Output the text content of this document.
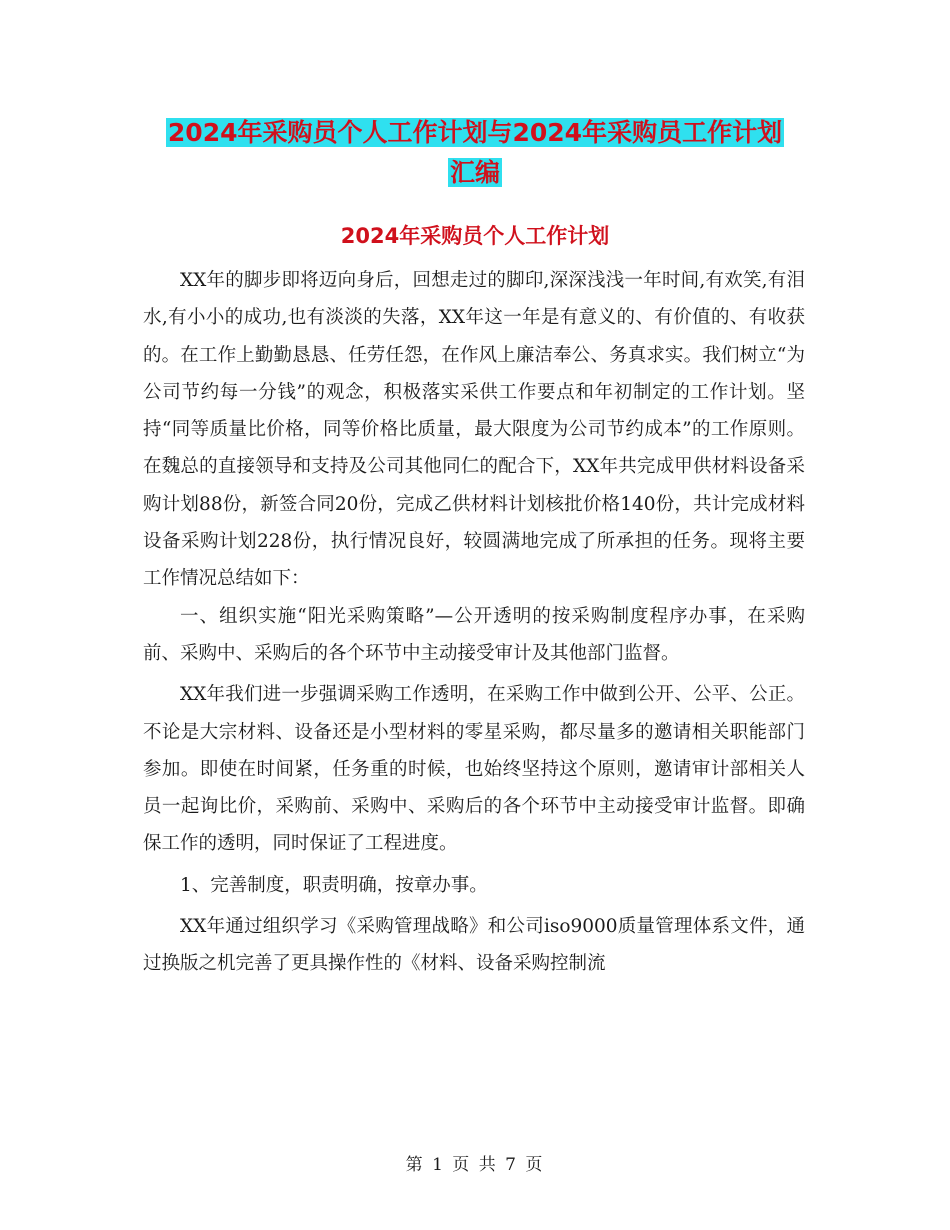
2024年采购员个人工作计划与2024年采购员工作计划
汇编
2024年采购员个人工作计划

XX年的脚步即将迈向身后，回想走过的脚印,深深浅浅一年时间,有欢笑,有泪水,有小小的成功,也有淡淡的失落，XX年这一年是有意义的、有价值的、有收获的。在工作上勤勤恳恳、任劳任怨，在作风上廉洁奉公、务真求实。我们树立“为公司节约每一分钱”的观念，积极落实采供工作要点和年初制定的工作计划。坚持“同等质量比价格，同等价格比质量，最大限度为公司节约成本”的工作原则。在魏总的直接领导和支持及公司其他同仁的配合下，XX年共完成甲供材料设备采购计划88份，新签合同20份，完成乙供材料计划核批价格140份，共计完成材料设备采购计划228份，执行情况良好，较圆满地完成了所承担的任务。现将主要工作情况总结如下：

一、组织实施“阳光采购策略”—公开透明的按采购制度程序办事，在采购前、采购中、采购后的各个环节中主动接受审计及其他部门监督。

XX年我们进一步强调采购工作透明，在采购工作中做到公开、公平、公正。不论是大宗材料、设备还是小型材料的零星采购，都尽量多的邀请相关职能部门参加。即使在时间紧，任务重的时候，也始终坚持这个原则，邀请审计部相关人员一起询比价，采购前、采购中、采购后的各个环节中主动接受审计监督。即确保工作的透明，同时保证了工程进度。

1、完善制度，职责明确，按章办事。

XX年通过组织学习《采购管理战略》和公司iso9000质量管理体系文件，通过换版之机完善了更具操作性的《材料、设备采购控制流

第 1 页 共 7 页
